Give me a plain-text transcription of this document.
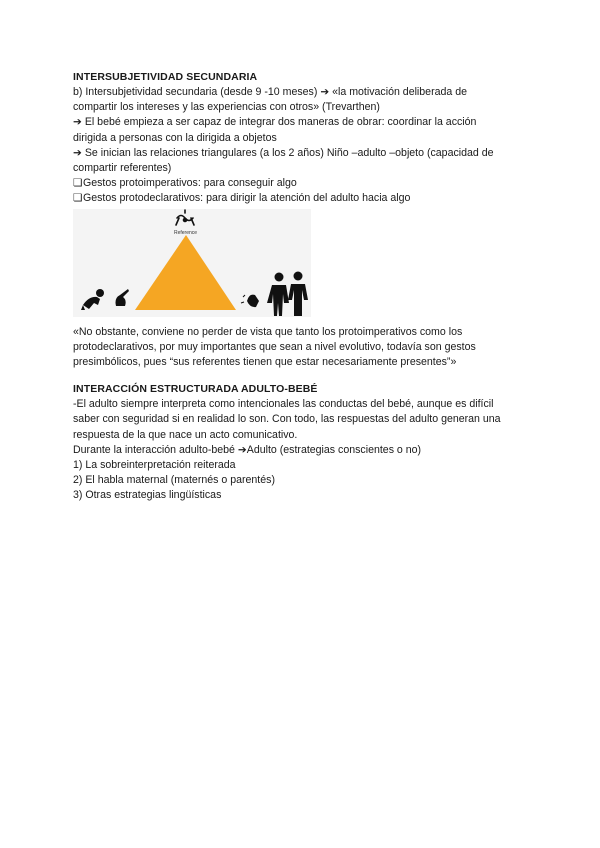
INTERSUBJETIVIDAD SECUNDARIA

b) Intersubjetividad secundaria (desde 9 -10 meses) ➔ «la motivación deliberada de

compartir los intereses y las experiencias con otros» (Trevarthen)

➔ El bebé empieza a ser capaz de integrar dos maneras de obrar: coordinar la acción

dirigida a personas con la dirigida a objetos

➔ Se inician las relaciones triangulares (a los 2 años) Niño –adulto –objeto (capacidad de

compartir referentes)

❏Gestos protoimperativos: para conseguir algo

❏Gestos protodeclarativos: para dirigir la atención del adulto hacia algo

Reference

«No obstante, conviene no perder de vista que tanto los protoimperativos como los

protodeclarativos, por muy importantes que sean a nivel evolutivo, todavía son gestos

presimbólicos, pues “sus referentes tienen que estar necesariamente presentes”»

INTERACCIÓN ESTRUCTURADA ADULTO-BEBÉ

-El adulto siempre interpreta como intencionales las conductas del bebé, aunque es difícil

saber con seguridad si en realidad lo son. Con todo, las respuestas del adulto generan una

respuesta de la que nace un acto comunicativo.

Durante la interacción adulto-bebé ➔Adulto (estrategias conscientes o no)

1) La sobreinterpretación reiterada

2) El habla maternal (maternés o parentés)

3) Otras estrategias lingüísticas
